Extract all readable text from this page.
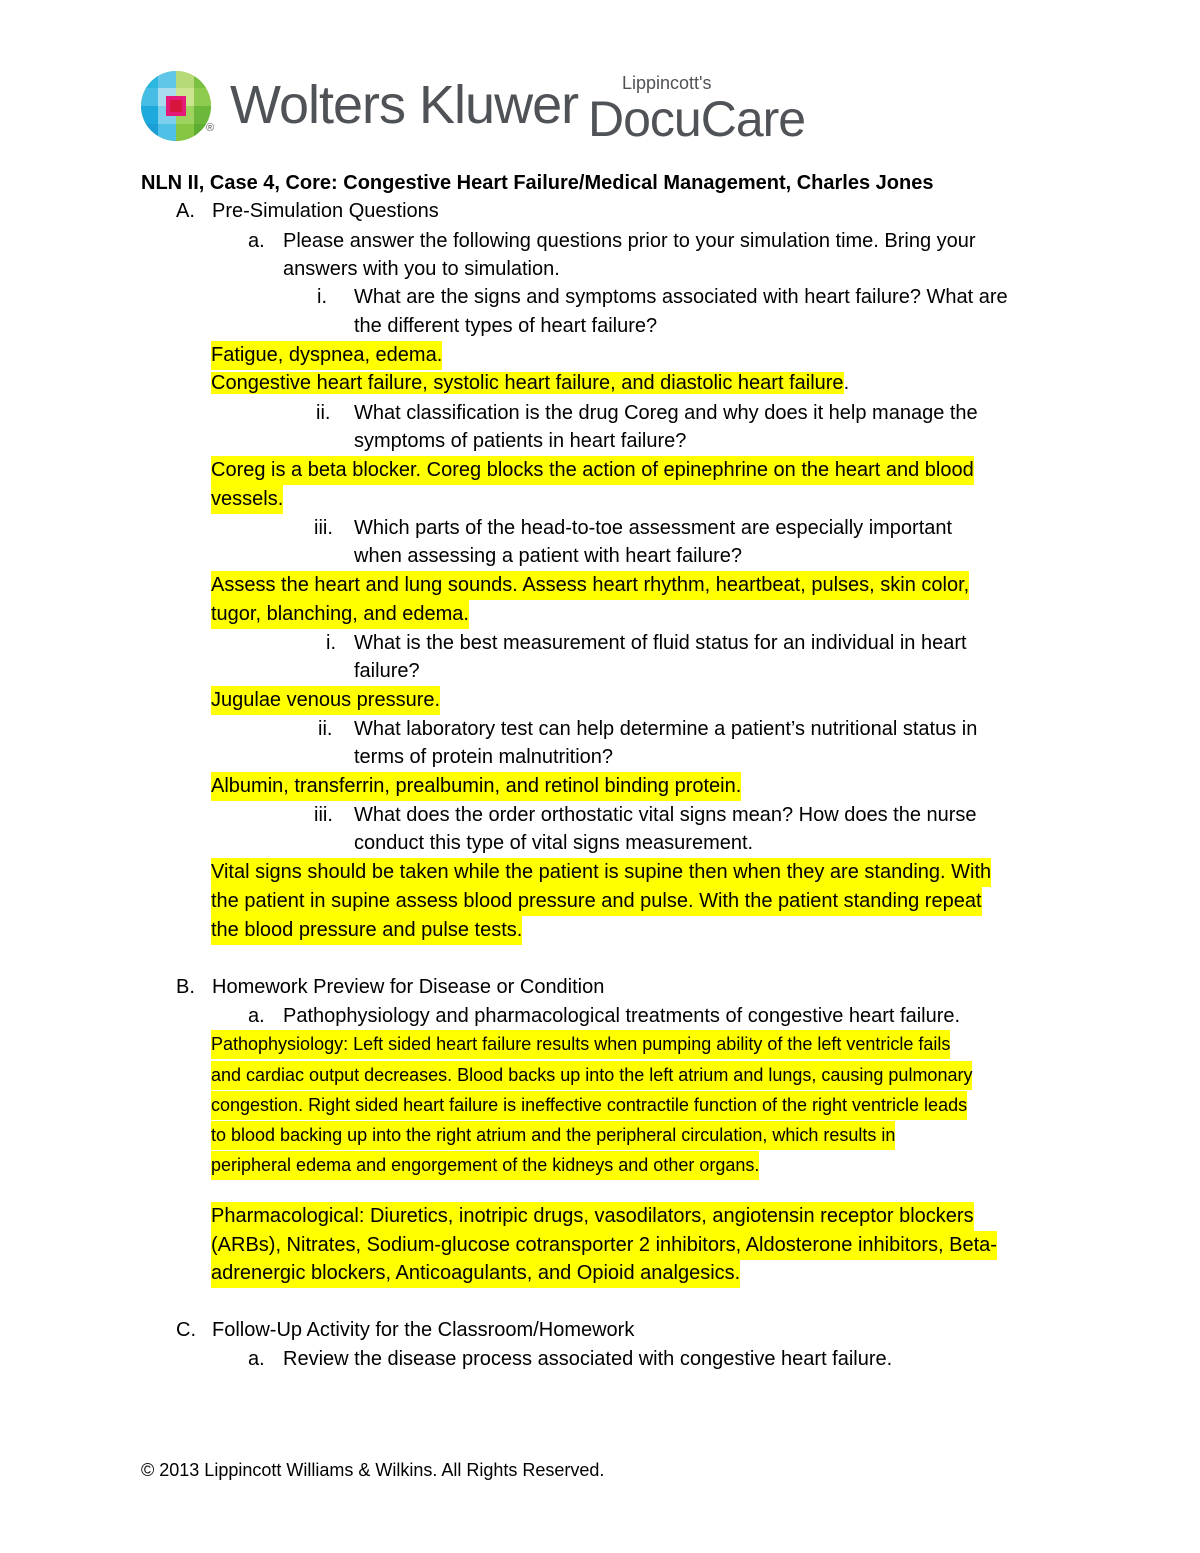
® Wolters Kluwer Lippincott's
DocuCare
NLN II, Case 4, Core: Congestive Heart Failure/Medical Management, Charles Jones
A. Pre-Simulation Questions
a. Please answer the following questions prior to your simulation time. Bring your
answers with you to simulation.
i. What are the signs and symptoms associated with heart failure? What are
the different types of heart failure?
Fatigue, dyspnea, edema.
Congestive heart failure, systolic heart failure, and diastolic heart failure.
ii. What classification is the drug Coreg and why does it help manage the
symptoms of patients in heart failure?
Coreg is a beta blocker. Coreg blocks the action of epinephrine on the heart and blood
vessels.
iii. Which parts of the head-to-toe assessment are especially important
when assessing a patient with heart failure?
Assess the heart and lung sounds. Assess heart rhythm, heartbeat, pulses, skin color,
tugor, blanching, and edema.
i. What is the best measurement of fluid status for an individual in heart
failure?
Jugulae venous pressure.
ii. What laboratory test can help determine a patient’s nutritional status in
terms of protein malnutrition?
Albumin, transferrin, prealbumin, and retinol binding protein.
iii. What does the order orthostatic vital signs mean? How does the nurse
conduct this type of vital signs measurement.
Vital signs should be taken while the patient is supine then when they are standing. With
the patient in supine assess blood pressure and pulse. With the patient standing repeat
the blood pressure and pulse tests.
B. Homework Preview for Disease or Condition
a. Pathophysiology and pharmacological treatments of congestive heart failure.
Pathophysiology: Left sided heart failure results when pumping ability of the left ventricle fails
and cardiac output decreases. Blood backs up into the left atrium and lungs, causing pulmonary
congestion. Right sided heart failure is ineffective contractile function of the right ventricle leads
to blood backing up into the right atrium and the peripheral circulation, which results in
peripheral edema and engorgement of the kidneys and other organs.
Pharmacological: Diuretics, inotripic drugs, vasodilators, angiotensin receptor blockers
(ARBs), Nitrates, Sodium-glucose cotransporter 2 inhibitors, Aldosterone inhibitors, Beta-
adrenergic blockers, Anticoagulants, and Opioid analgesics.
C. Follow-Up Activity for the Classroom/Homework
a. Review the disease process associated with congestive heart failure.
© 2013 Lippincott Williams & Wilkins. All Rights Reserved.
